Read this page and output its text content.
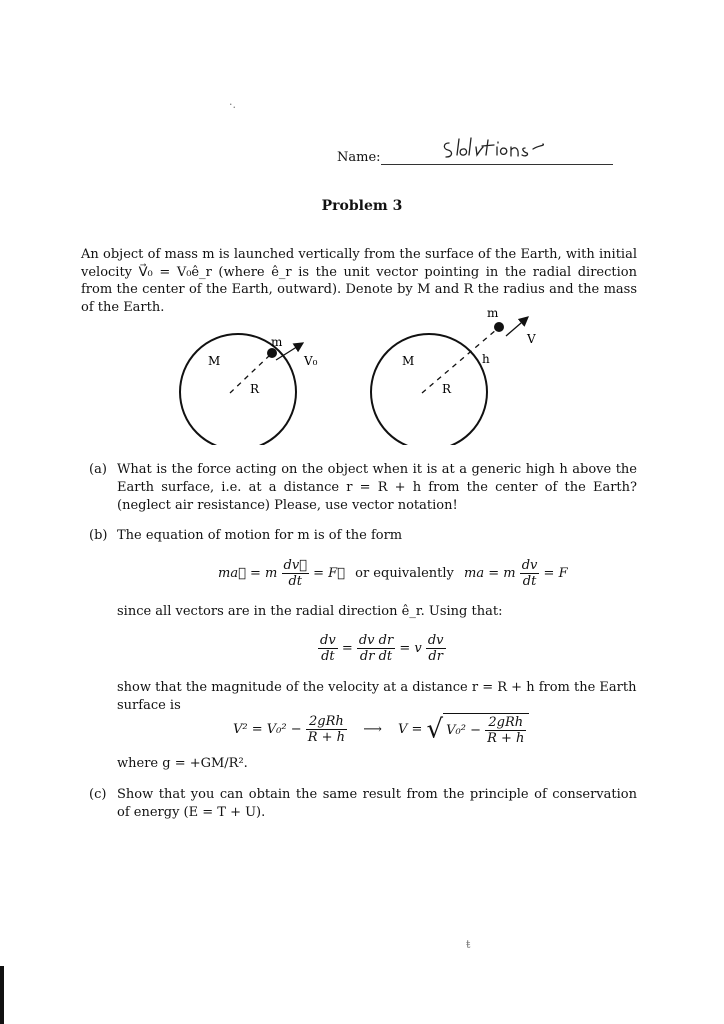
·.
ŧ
Name:
Problem 3
An object of mass m is launched vertically from the surface of the Earth, with initial velocity V⃗₀ = V₀ê_r (where ê_r is the unit vector pointing in the radial direction from the center of the Earth, outward). Denote by M and R the radius and the mass of the Earth.
M
R
m
V₀	M
R
m
V
h
(a) What is the force acting on the object when it is at a generic high h above the Earth surface, i.e. at a distance r = R + h from the center of the Earth? (neglect air resistance) Please, use vector notation!
(b) The equation of motion for m is of the form
ma⃗ = m $\frac{dv⃗}{dt}$ = F⃗ or equivalently ma = m $\frac{dv}{dt} = F$
since all vectors are in the radial direction ê_r. Using that:
$\frac{dv}{dt} = \frac{\text{dv dr}}{\text{dr dt}} = v \frac{dv}{dr}$
show that the magnitude of the velocity at a distance r = R + h from the Earth surface is
$V^2 = V_0^2 - \frac{\text{2gRh}}{R + h}$ ⟶ V = √ $V_0^2 - \frac{\text{2gRh}}{R + h}$
where g = +GM/R².
(c) Show that you can obtain the same result from the principle of conservation of energy (E = T + U).
